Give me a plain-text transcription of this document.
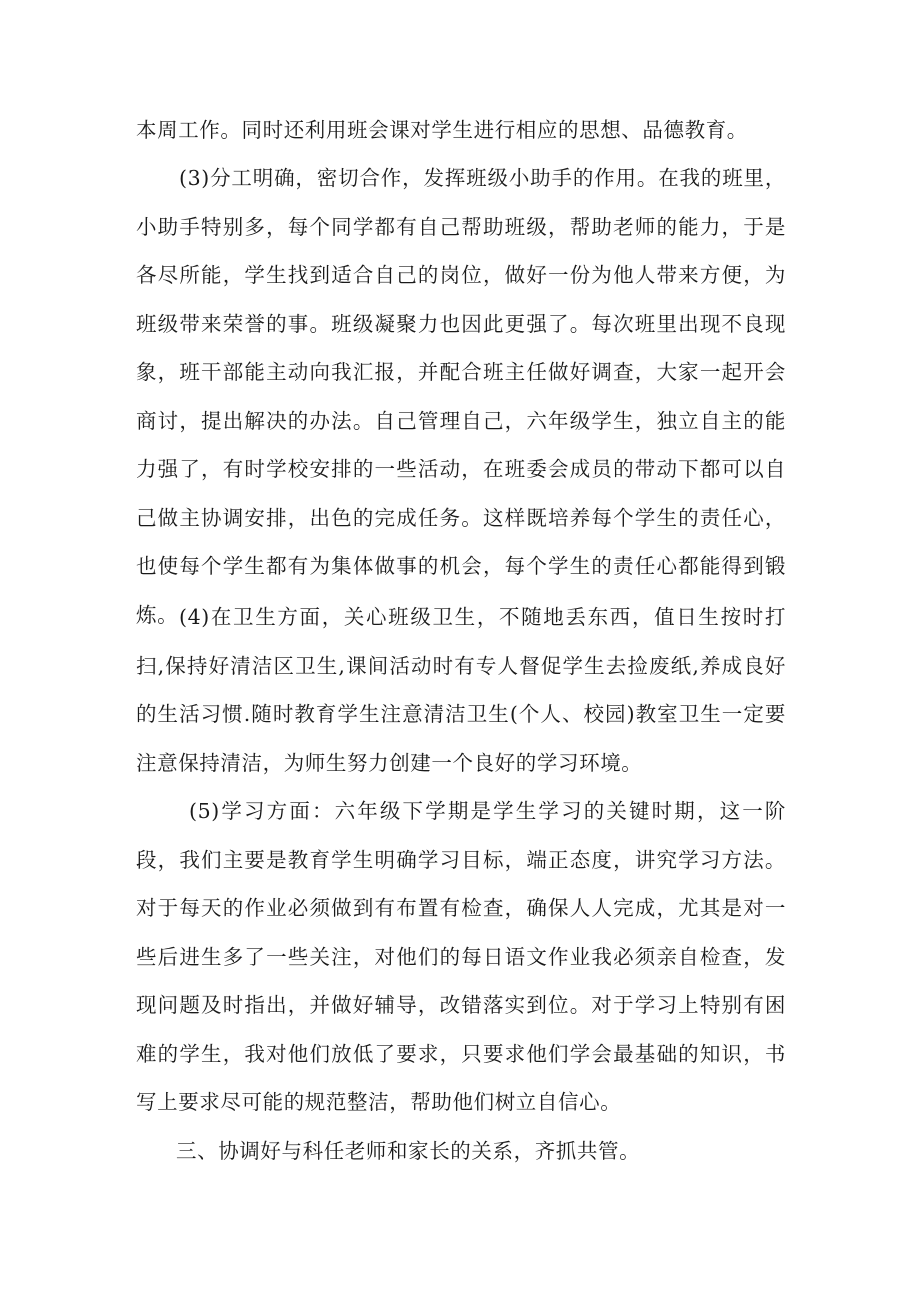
本周工作。同时还利用班会课对学生进行相应的思想、品德教育。

(3)分工明确，密切合作，发挥班级小助手的作用。在我的班里，小助手特别多，每个同学都有自己帮助班级，帮助老师的能力，于是各尽所能，学生找到适合自己的岗位，做好一份为他人带来方便，为班级带来荣誉的事。班级凝聚力也因此更强了。每次班里出现不良现象，班干部能主动向我汇报，并配合班主任做好调查，大家一起开会商讨，提出解决的办法。自己管理自己，六年级学生，独立自主的能力强了，有时学校安排的一些活动，在班委会成员的带动下都可以自己做主协调安排，出色的完成任务。这样既培养每个学生的责任心，也使每个学生都有为集体做事的机会，每个学生的责任心都能得到锻炼。 (4)在卫生方面，关心班级卫生，不随地丢东西，值日生按时打扫,保持好清洁区卫生,课间活动时有专人督促学生去捡废纸,养成良好的生活习惯.随时教育学生注意清洁卫生(个人、校园)教室卫生一定要注意保持清洁，为师生努力创建一个良好的学习环境。

(5)学习方面：六年级下学期是学生学习的关键时期，这一阶段，我们主要是教育学生明确学习目标，端正态度，讲究学习方法。对于每天的作业必须做到有布置有检查，确保人人完成，尤其是对一些后进生多了一些关注，对他们的每日语文作业我必须亲自检查，发现问题及时指出，并做好辅导，改错落实到位。对于学习上特别有困难的学生，我对他们放低了要求，只要求他们学会最基础的知识，书写上要求尽可能的规范整洁，帮助他们树立自信心。

三、协调好与科任老师和家长的关系，齐抓共管。
